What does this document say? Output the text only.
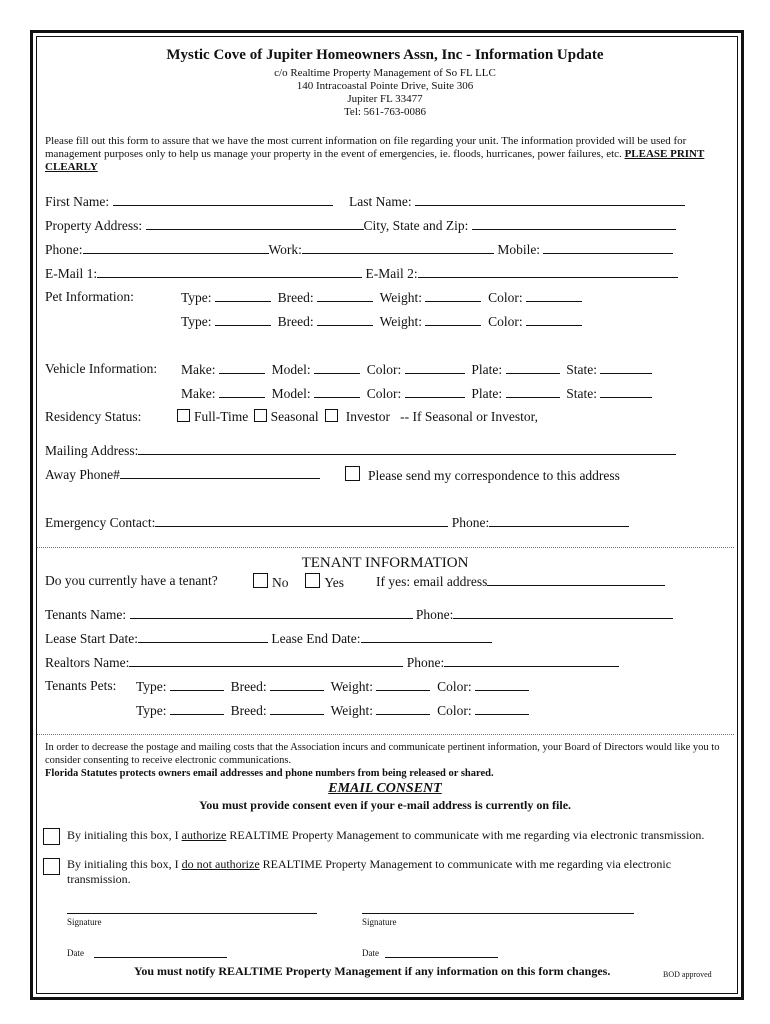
Mystic Cove of Jupiter Homeowners Assn, Inc - Information Update
c/o Realtime Property Management of So FL LLC
140 Intracoastal Pointe Drive, Suite 306
Jupiter FL 33477
Tel: 561-763-0086
Please fill out this form to assure that we have the most current information on file regarding your unit. The information provided will be used for management purposes only to help us manage your property in the event of emergencies, ie. floods, hurricanes, power failures, etc. PLEASE PRINT CLEARLY
First Name:	Last Name:
Property Address:	City, State and Zip:
Phone:	Work:	Mobile:
E-Mail 1:	E-Mail 2:
Pet Information:	Type:	Breed:	Weight:	Color:
Type:	Breed:	Weight:	Color:
Vehicle Information: Make:	Model:	Color:	Plate:	State:
Make:	Model:	Color:	Plate:	State:
Residency Status:	Full-Time Seasonal Investor -- If Seasonal or Investor,
Mailing Address:
Away Phone#	Please send my correspondence to this address
Emergency Contact:	Phone:
TENANT INFORMATION
Do you currently have a tenant?	No	Yes If yes: email address
Tenants Name:	Phone:
Lease Start Date:	Lease End Date:
Realtors Name:	Phone:
Tenants Pets: Type:	Breed:	Weight:	Color:
Type:	Breed:	Weight:	Color:
In order to decrease the postage and mailing costs that the Association incurs and communicate pertinent information, your Board of Directors would like you to consider consenting to receive electronic communications.
Florida Statutes protects owners email addresses and phone numbers from being released or shared.
EMAIL CONSENT
You must provide consent even if your e-mail address is currently on file.
By initialing this box, I authorize REALTIME Property Management to communicate with me regarding via electronic transmission.
By initialing this box, I do not authorize REALTIME Property Management to communicate with me regarding via electronic transmission.
Signature	Signature
Date	Date
You must notify REALTIME Property Management if any information on this form changes.	BOD approved
